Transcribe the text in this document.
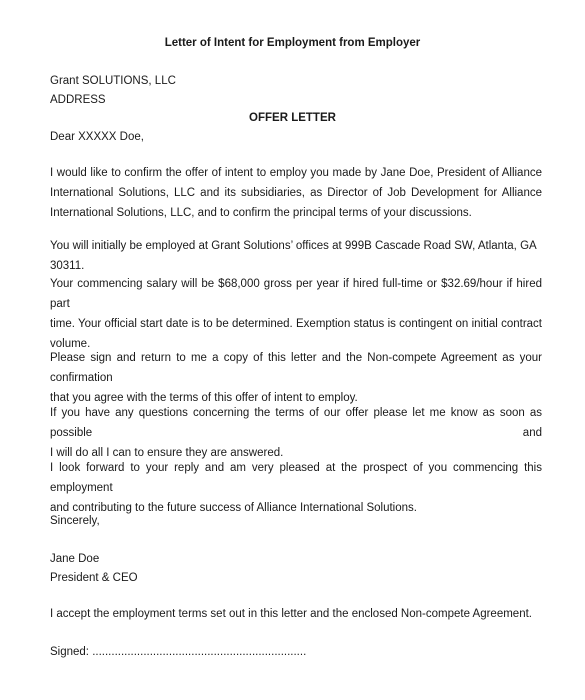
Letter of Intent for Employment from Employer

Grant SOLUTIONS, LLC

ADDRESS

OFFER LETTER

Dear XXXXX Doe,

I would like to confirm the offer of intent to employ you made by Jane Doe, President of Alliance
International Solutions, LLC and its subsidiaries, as Director of Job Development for Alliance
International Solutions, LLC, and to confirm the principal terms of your discussions.
You will initially be employed at Grant Solutions’ offices at 999B Cascade Road SW, Atlanta, GA 30311.
Your commencing salary will be $68,000 gross per year if hired full-time or $32.69/hour if hired part
time. Your official start date is to be determined. Exemption status is contingent on initial contract
volume.
Please sign and return to me a copy of this letter and the Non-compete Agreement as your confirmation
that you agree with the terms of this offer of intent to employ.
If you have any questions concerning the terms of our offer please let me know as soon as possible and
I will do all I can to ensure they are answered.
I look forward to your reply and am very pleased at the prospect of you commencing this employment
and contributing to the future success of Alliance International Solutions.

Sincerely,

Jane Doe

President & CEO

I accept the employment terms set out in this letter and the enclosed Non-compete Agreement.

Signed: ...................................................................
